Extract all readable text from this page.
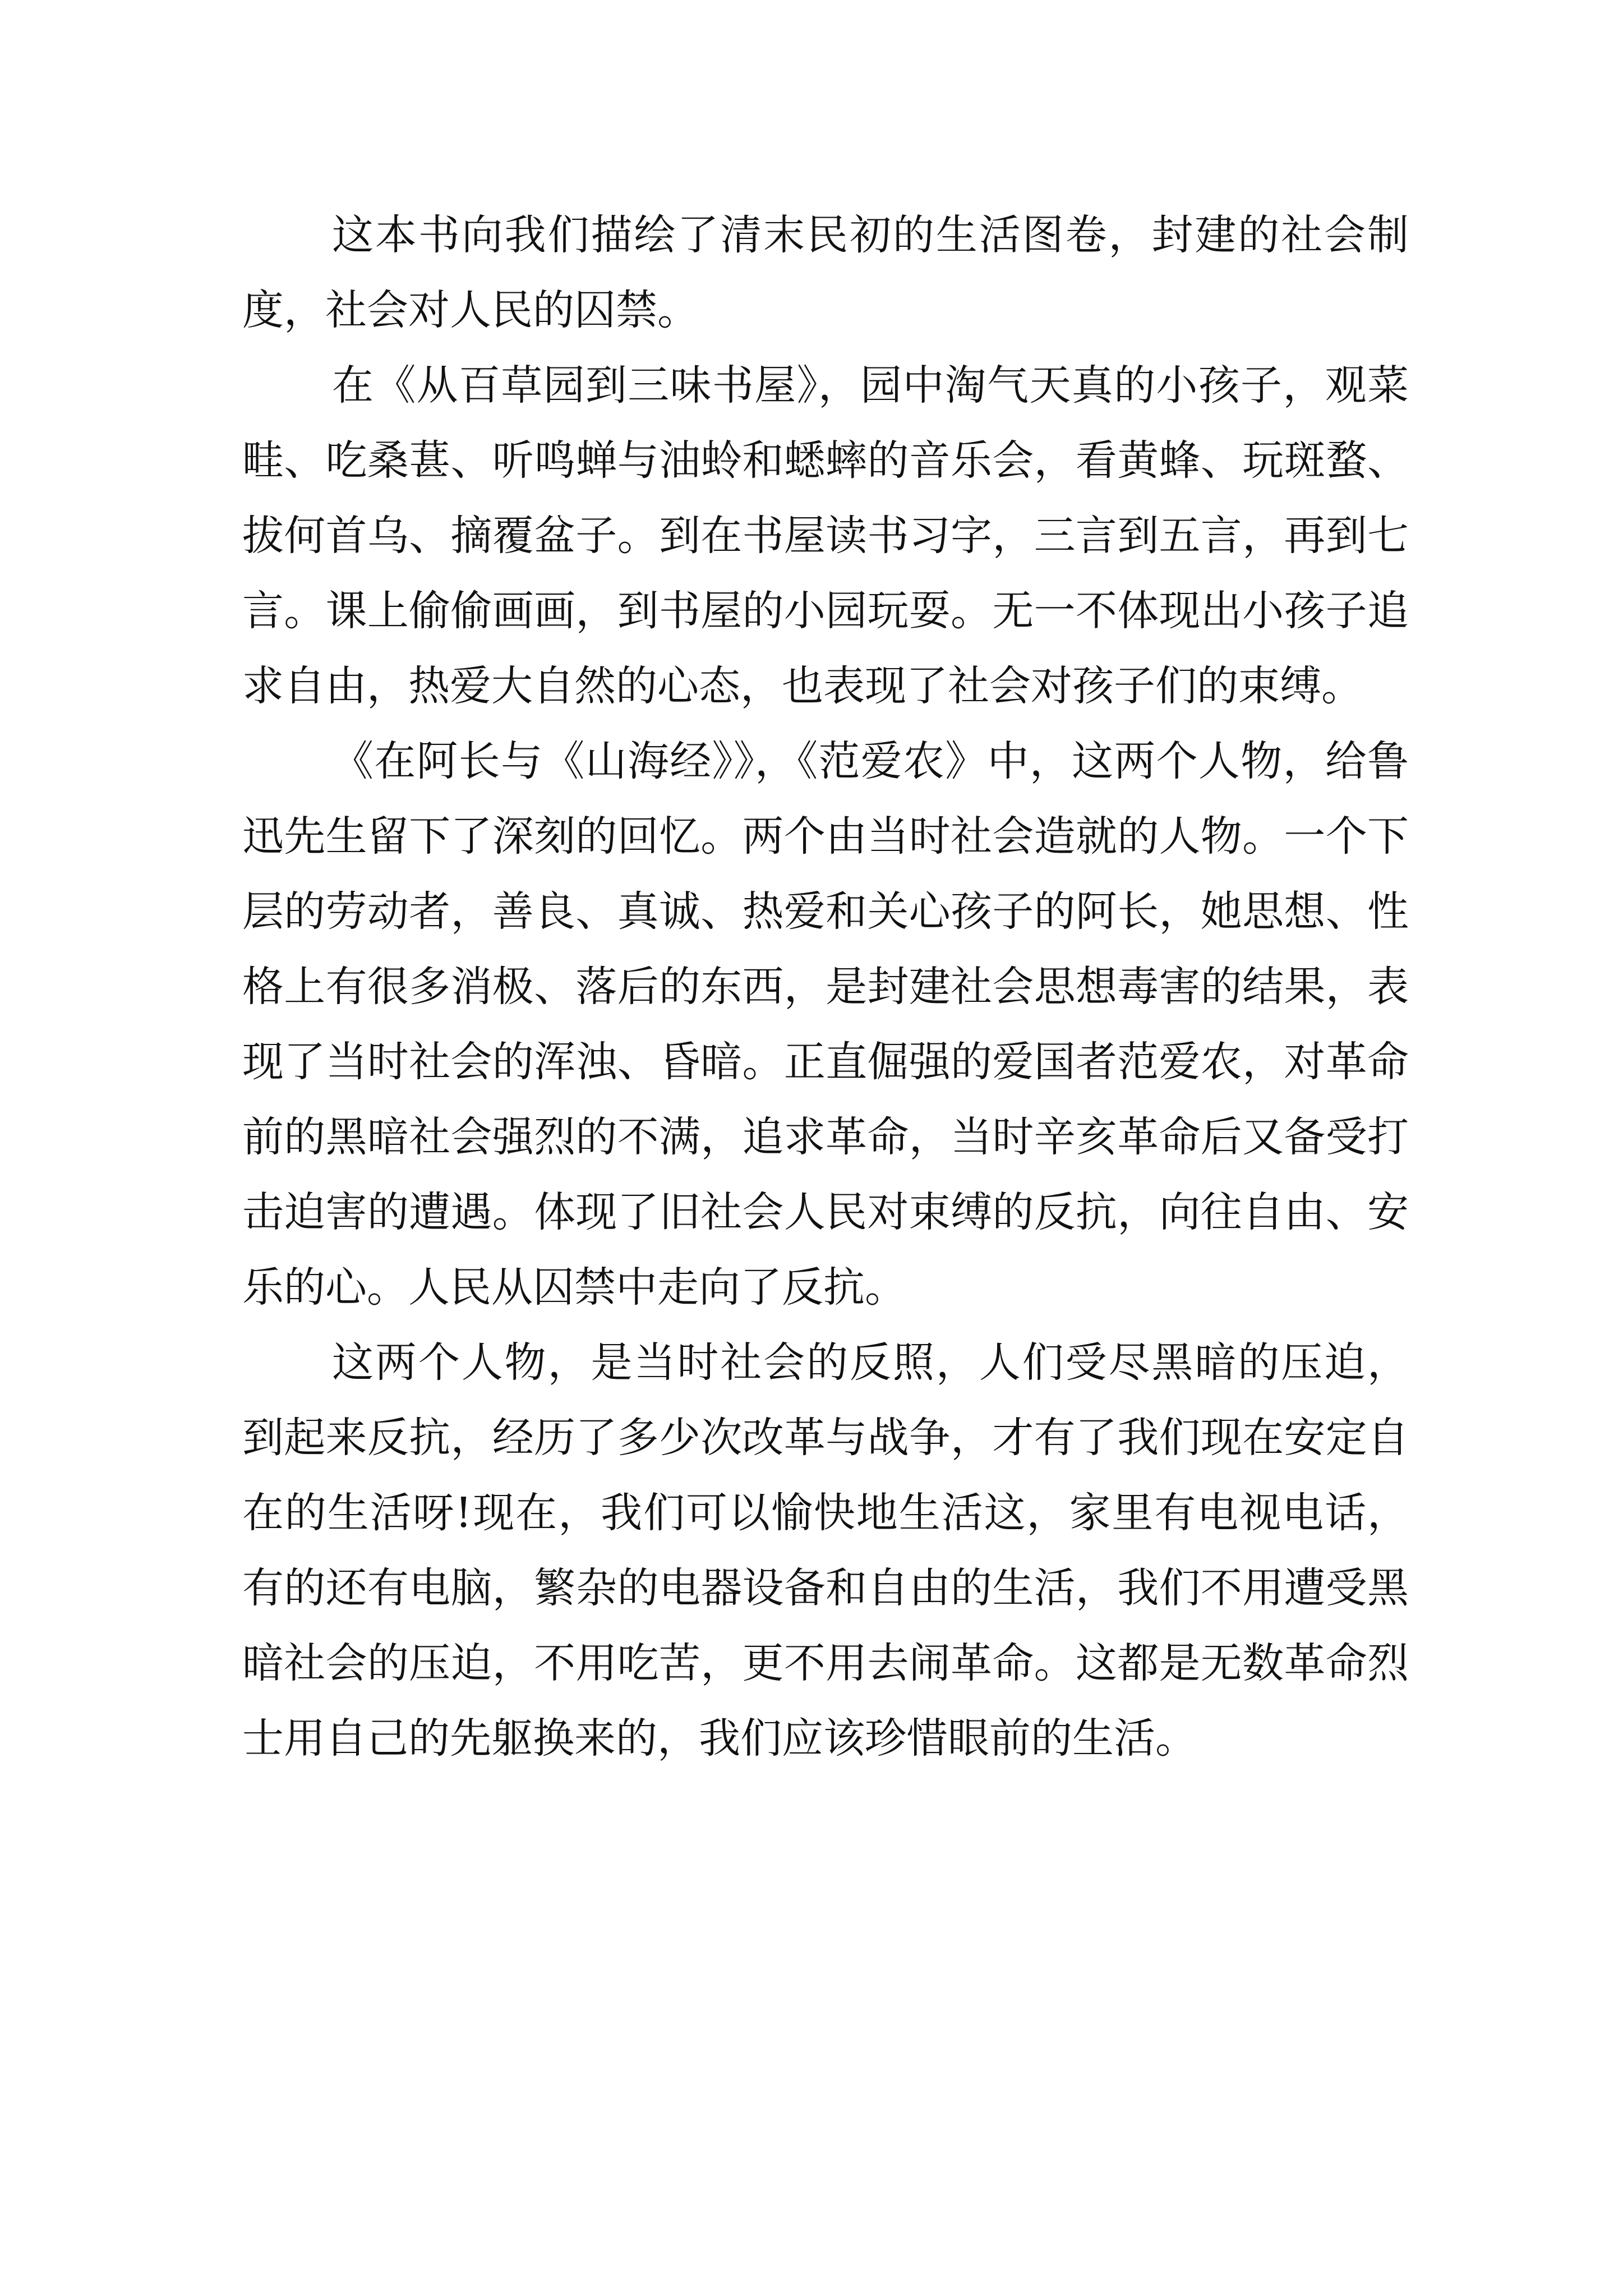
这本书向我们描绘了清末民初的生活图卷，封建的社会制度，社会对人民的囚禁。

在《从百草园到三味书屋》，园中淘气天真的小孩子，观菜畦、吃桑葚、听鸣蝉与油蛉和蟋蟀的音乐会，看黄蜂、玩斑蝥、拔何首乌、摘覆盆子。到在书屋读书习字，三言到五言，再到七言。课上偷偷画画，到书屋的小园玩耍。无一不体现出小孩子追求自由，热爱大自然的心态，也表现了社会对孩子们的束缚。

《在阿长与《山海经》》，《范爱农》中，这两个人物，给鲁迅先生留下了深刻的回忆。两个由当时社会造就的人物。一个下层的劳动者，善良、真诚、热爱和关心孩子的阿长，她思想、性格上有很多消极、落后的东西，是封建社会思想毒害的结果，表现了当时社会的浑浊、昏暗。正直倔强的爱国者范爱农，对革命前的黑暗社会强烈的不满，追求革命，当时辛亥革命后又备受打击迫害的遭遇。体现了旧社会人民对束缚的反抗，向往自由、安乐的心。人民从囚禁中走向了反抗。

这两个人物，是当时社会的反照，人们受尽黑暗的压迫，到起来反抗，经历了多少次改革与战争，才有了我们现在安定自在的生活呀!现在，我们可以愉快地生活这，家里有电视电话，有的还有电脑，繁杂的电器设备和自由的生活，我们不用遭受黑暗社会的压迫，不用吃苦，更不用去闹革命。这都是无数革命烈士用自己的先躯换来的，我们应该珍惜眼前的生活。
